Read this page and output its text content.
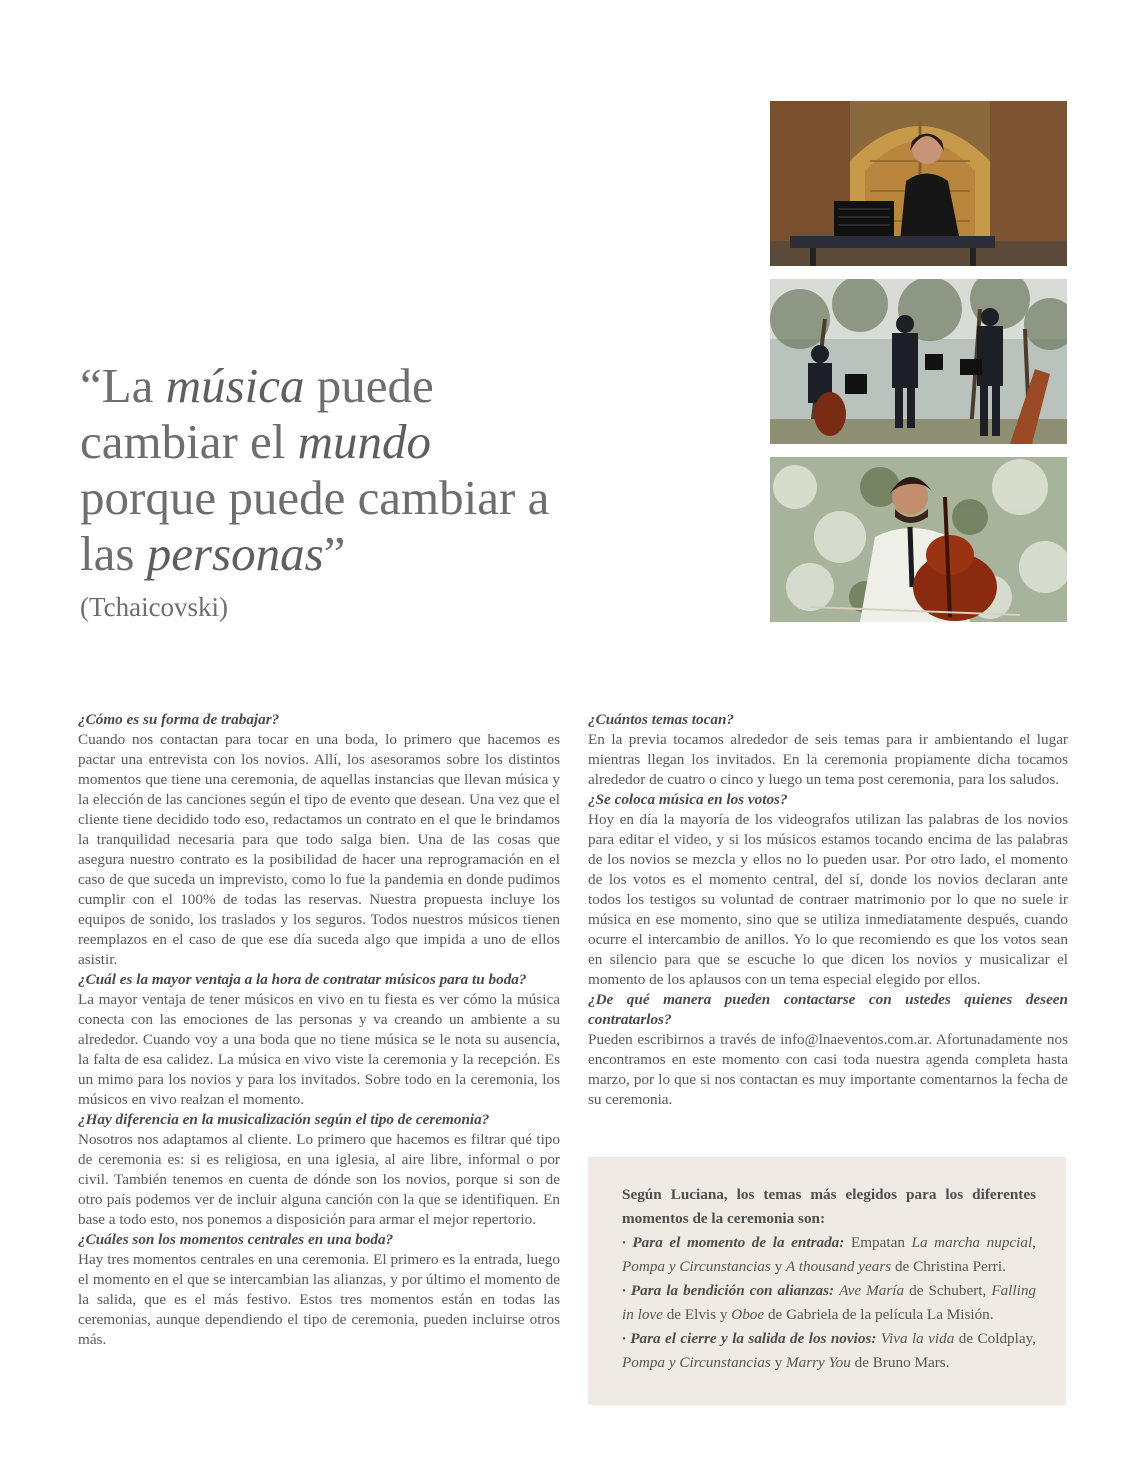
“La música puede cambiar el mundo porque puede cambiar a las personas”
(Tchaicovski)

¿Cómo es su forma de trabajar?

Cuando nos contactan para tocar en una boda, lo primero que hacemos es pactar una entrevista con los novios. Allí, los asesoramos sobre los distintos momentos que tiene una ceremonia, de aquellas instancias que llevan música y la elección de las canciones según el tipo de evento que desean. Una vez que el cliente tiene decidido todo eso, redactamos un contrato en el que le brindamos la tranquilidad necesaria para que todo salga bien. Una de las cosas que asegura nuestro contrato es la posibilidad de hacer una reprogramación en el caso de que suceda un imprevisto, como lo fue la pandemia en donde pudimos cumplir con el 100% de todas las reservas. Nuestra propuesta incluye los equipos de sonido, los traslados y los seguros. Todos nuestros músicos tienen reemplazos en el caso de que ese día suceda algo que impida a uno de ellos asistir.

¿Cuál es la mayor ventaja a la hora de contratar músicos para tu boda?

La mayor ventaja de tener músicos en vivo en tu fiesta es ver cómo la música conecta con las emociones de las personas y va creando un ambiente a su alrededor. Cuando voy a una boda que no tiene música se le nota su ausencia, la falta de esa calidez. La música en vivo viste la ceremonia y la recepción. Es un mimo para los novios y para los invitados. Sobre todo en la ceremonia, los músicos en vivo realzan el momento.

¿Hay diferencia en la musicalización según el tipo de ceremonia?

Nosotros nos adaptamos al cliente. Lo primero que hacemos es filtrar qué tipo de ceremonia es: si es religiosa, en una iglesia, al aire libre, informal o por civil. También tenemos en cuenta de dónde son los novios, porque si son de otro país podemos ver de incluir alguna canción con la que se identifiquen. En base a todo esto, nos ponemos a disposición para armar el mejor repertorio.

¿Cuáles son los momentos centrales en una boda?

Hay tres momentos centrales en una ceremonia. El primero es la entrada, luego el momento en el que se intercambian las alianzas, y por último el momento de la salida, que es el más festivo. Estos tres momentos están en todas las ceremonias, aunque dependiendo el tipo de ceremonia, pueden incluirse otros más.

¿Cuántos temas tocan?

En la previa tocamos alrededor de seis temas para ir ambientando el lugar mientras llegan los invitados. En la ceremonia propiamente dicha tocamos alrededor de cuatro o cinco y luego un tema post ceremonia, para los saludos.

¿Se coloca música en los votos?

Hoy en día la mayoría de los videografos utilizan las palabras de los novios para editar el video, y si los músicos estamos tocando encima de las palabras de los novios se mezcla y ellos no lo pueden usar. Por otro lado, el momento de los votos es el momento central, del sí, donde los novios declaran ante todos los testigos su voluntad de contraer matrimonio por lo que no suele ir música en ese momento, sino que se utiliza inmediatamente después, cuando ocurre el intercambio de anillos. Yo lo que recomiendo es que los votos sean en silencio para que se escuche lo que dicen los novios y musicalizar el momento de los aplausos con un tema especial elegido por ellos.

¿De qué manera pueden contactarse con ustedes quienes deseen contratarlos?

Pueden escribirnos a través de info@lnaeventos.com.ar. Afortunadamente nos encontramos en este momento con casi toda nuestra agenda completa hasta marzo, por lo que si nos contactan es muy importante comentarnos la fecha de su ceremonia.

Según Luciana, los temas más elegidos para los diferentes momentos de la ceremonia son:

· Para el momento de la entrada: Empatan La marcha nupcial, Pompa y Circunstancias y A thousand years de Christina Perri.

· Para la bendición con alianzas: Ave María de Schubert, Falling in love de Elvis y Oboe de Gabriela de la película La Misión.

· Para el cierre y la salida de los novios: Viva la vida de Coldplay, Pompa y Circunstancias y Marry You de Bruno Mars.
